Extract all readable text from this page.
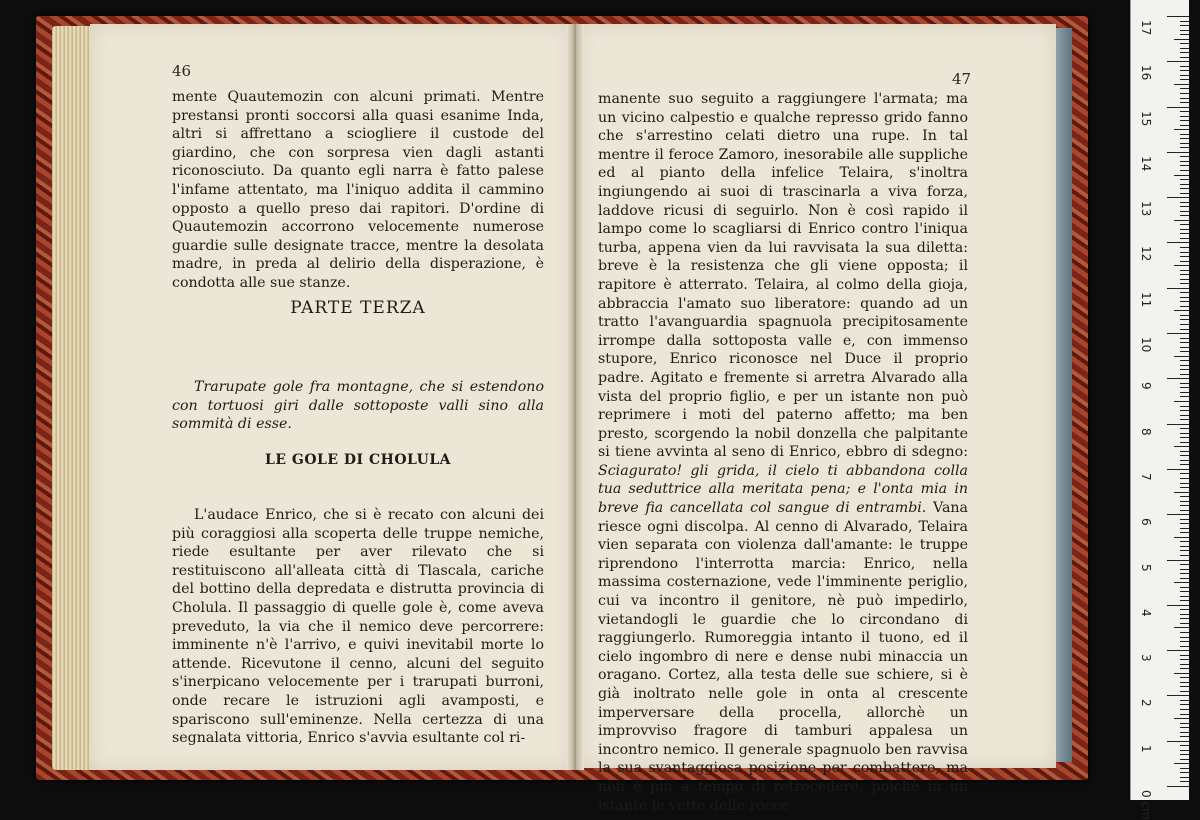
46

mente Quautemozin con alcuni primati. Mentre prestansi pronti soccorsi alla quasi esanime Inda, altri si affrettano a sciogliere il custode del giardino, che con sorpresa vien dagli astanti riconosciuto. Da quanto egli narra è fatto palese l'infame attentato, ma l'iniquo addita il cammino opposto a quello preso dai rapitori. D'ordine di Quautemozin accorrono velocemente numerose guardie sulle designate tracce, mentre la desolata madre, in preda al delirio della disperazione, è condotta alle sue stanze.

PARTE TERZA

Trarupate gole fra montagne, che si estendono con tortuosi giri dalle sottoposte valli sino alla sommità di esse.

LE GOLE DI CHOLULA

L'audace Enrico, che si è recato con alcuni dei più coraggiosi alla scoperta delle truppe nemiche, riede esultante per aver rilevato che si restituiscono all'alleata città di Tlascala, cariche del bottino della depredata e distrutta provincia di Cholula. Il passaggio di quelle gole è, come aveva preveduto, la via che il nemico deve percorrere: imminente n'è l'arrivo, e quivi inevitabil morte lo attende. Ricevutone il cenno, alcuni del seguito s'inerpicano velocemente per i trarupati burroni, onde recare le istruzioni agli avamposti, e spariscono sull'eminenze. Nella certezza di una segnalata vittoria, Enrico s'avvia esultante col ri-

47

manente suo seguito a raggiungere l'armata; ma un vicino calpestio e qualche represso grido fanno che s'arrestino celati dietro una rupe. In tal mentre il feroce Zamoro, inesorabile alle suppliche ed al pianto della infelice Telaira, s'inoltra ingiungendo ai suoi di trascinarla a viva forza, laddove ricusi di seguirlo. Non è così rapido il lampo come lo scagliarsi di Enrico contro l'iniqua turba, appena vien da lui ravvisata la sua diletta: breve è la resistenza che gli viene opposta; il rapitore è atterrato. Telaira, al colmo della gioja, abbraccia l'amato suo liberatore: quando ad un tratto l'avanguardia spagnuola precipitosamente irrompe dalla sottoposta valle e, con immenso stupore, Enrico riconosce nel Duce il proprio padre. Agitato e fremente si arretra Alvarado alla vista del proprio figlio, e per un istante non può reprimere i moti del paterno affetto; ma ben presto, scorgendo la nobil donzella che palpitante si tiene avvinta al seno di Enrico, ebbro di sdegno: Sciagurato! gli grida, il cielo ti abbandona colla tua seduttrice alla meritata pena; e l'onta mia in breve fia cancellata col sangue di entrambi. Vana riesce ogni discolpa. Al cenno di Alvarado, Telaira vien separata con violenza dall'amante: le truppe riprendono l'interrotta marcia: Enrico, nella massima costernazione, vede l'imminente periglio, cui va incontro il genitore, nè può impedirlo, vietandogli le guardie che lo circondano di raggiungerlo. Rumoreggia intanto il tuono, ed il cielo ingombro di nere e dense nubi minaccia un oragano. Cortez, alla testa delle sue schiere, si è già inoltrato nelle gole in onta al crescente imperversare della procella, allorchè un improvviso fragore di tamburi appalesa un incontro nemico. Il generale spagnuolo ben ravvisa la sua svantaggiosa posizione per combattere, ma non è più a tempo di retrocedere, poichè in un istante le vette delle rocce

17
16
15
14
13
12
11
10
9
8
7
6
5
4
3
2
1
0 cm
